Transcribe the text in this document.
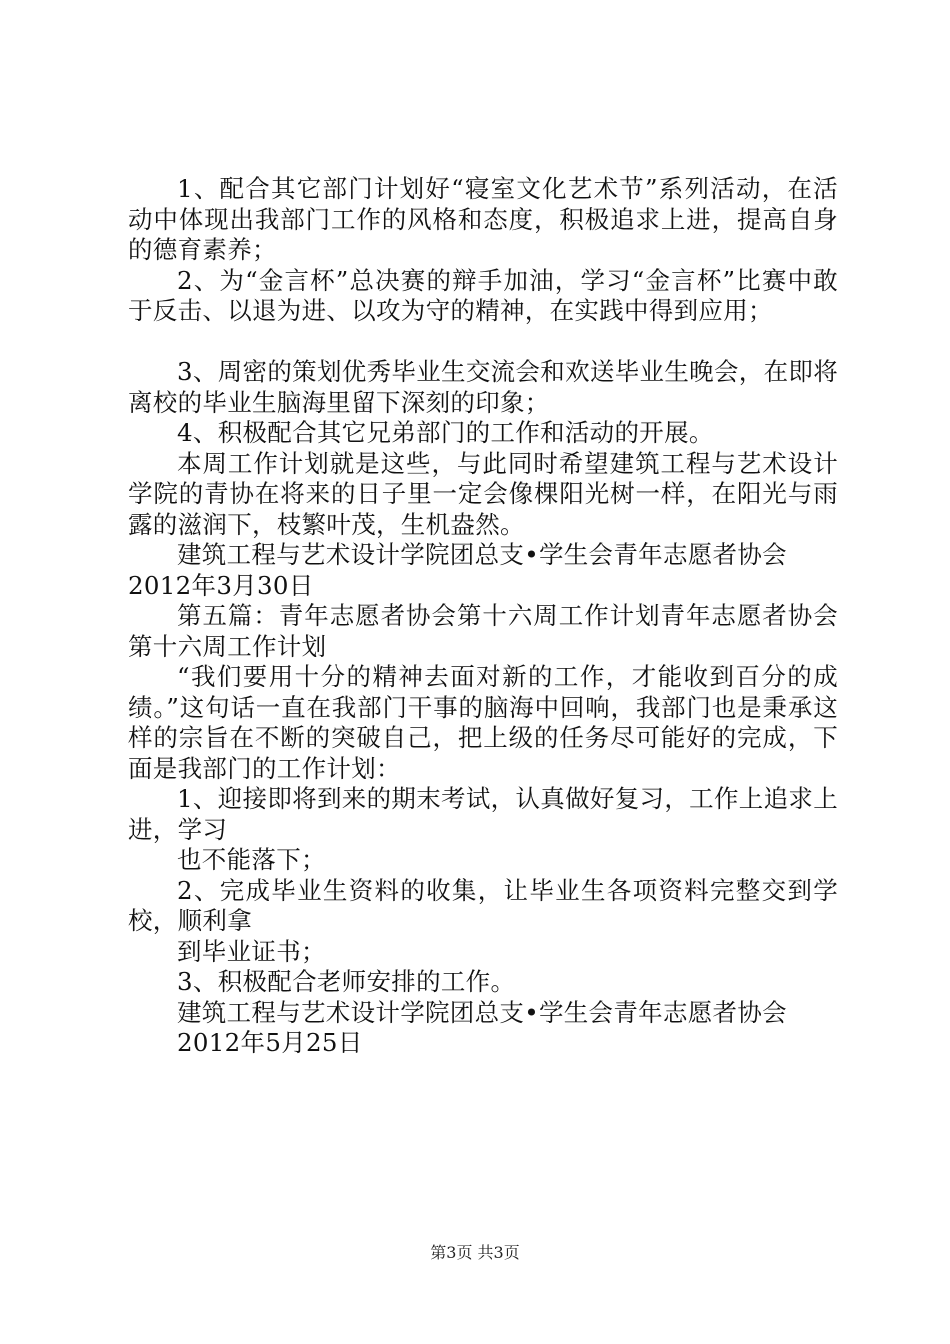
1、配合其它部门计划好“寝室文化艺术节”系列活动，在活动中体现出我部门工作的风格和态度，积极追求上进，提高自身的德育素养；

2、为“金言杯”总决赛的辩手加油，学习“金言杯”比赛中敢于反击、以退为进、以攻为守的精神，在实践中得到应用；

3、周密的策划优秀毕业生交流会和欢送毕业生晚会，在即将离校的毕业生脑海里留下深刻的印象；

4、积极配合其它兄弟部门的工作和活动的开展。

本周工作计划就是这些，与此同时希望建筑工程与艺术设计学院的青协在将来的日子里一定会像棵阳光树一样，在阳光与雨露的滋润下，枝繁叶茂，生机盎然。

建筑工程与艺术设计学院团总支•学生会青年志愿者协会

2012年3月30日

第五篇：青年志愿者协会第十六周工作计划青年志愿者协会第十六周工作计划

“我们要用十分的精神去面对新的工作，才能收到百分的成绩。”这句话一直在我部门干事的脑海中回响，我部门也是秉承这样的宗旨在不断的突破自己，把上级的任务尽可能好的完成，下面是我部门的工作计划：

1、迎接即将到来的期末考试，认真做好复习，工作上追求上进，学习

也不能落下；

2、完成毕业生资料的收集，让毕业生各项资料完整交到学校，顺利拿

到毕业证书；

3、积极配合老师安排的工作。

建筑工程与艺术设计学院团总支•学生会青年志愿者协会

2012年5月25日

第3页 共3页
